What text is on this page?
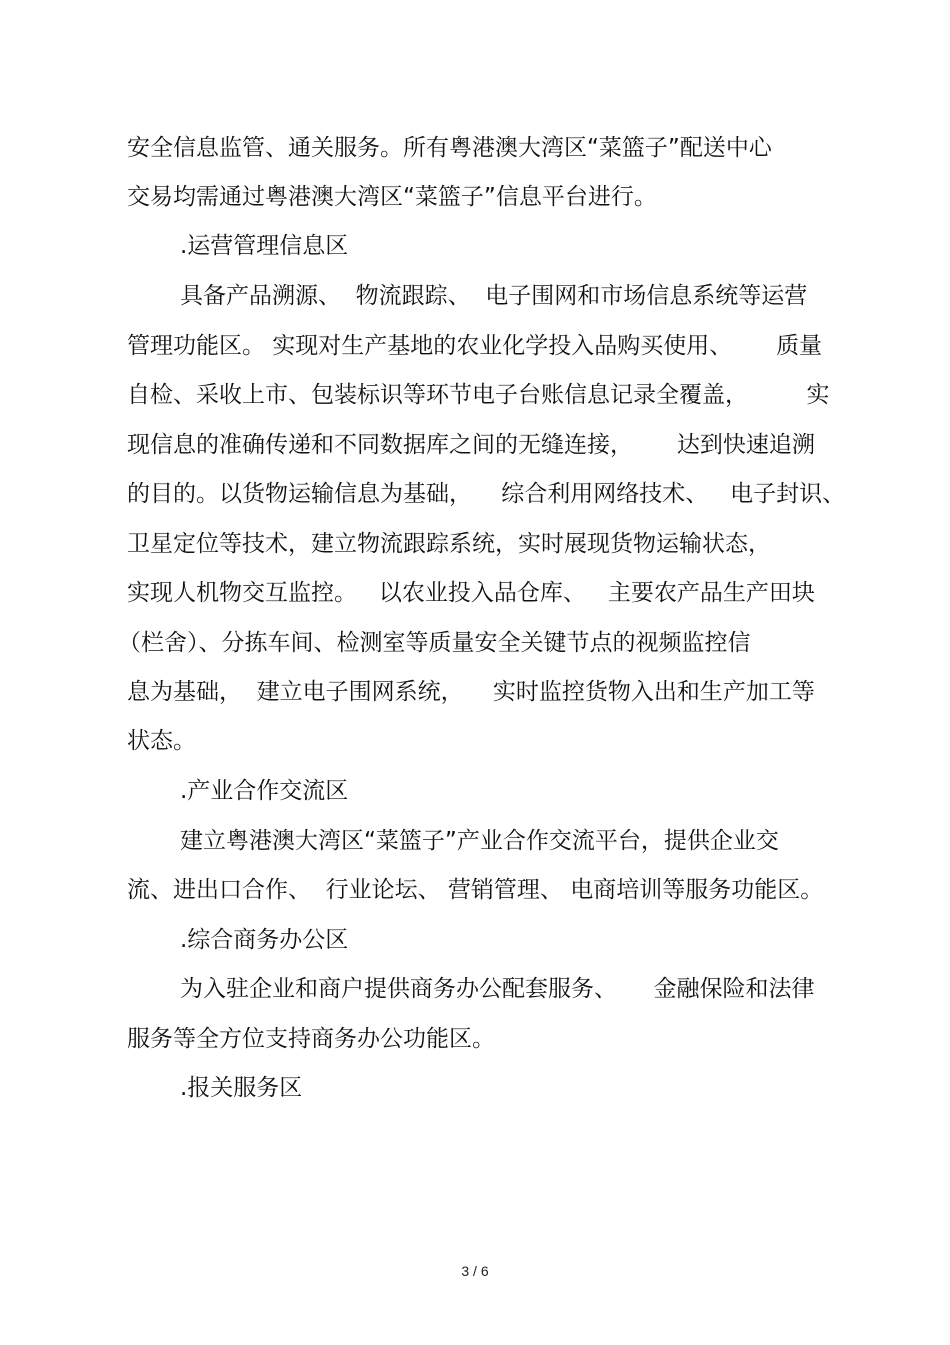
安全信息监管、通关服务。所有粤港澳大湾区“菜篮子”配送中心
交易均需通过粤港澳大湾区“菜篮子”信息平台进行。
.运营管理信息区
具备产品溯源、  物流跟踪、  电子围网和市场信息系统等运营
管理功能区。 实现对生产基地的农业化学投入品购买使用、      质量
自检、采收上市、包装标识等环节电子台账信息记录全覆盖，        实
现信息的准确传递和不同数据库之间的无缝连接，      达到快速追溯
的目的。以货物运输信息为基础，    综合利用网络技术、   电子封识、
卫星定位等技术，建立物流跟踪系统，实时展现货物运输状态，
实现人机物交互监控。   以农业投入品仓库、   主要农产品生产田块
（栏舍）、分拣车间、检测室等质量安全关键节点的视频监控信
息为基础，  建立电子围网系统，    实时监控货物入出和生产加工等
状态。
.产业合作交流区
建立粤港澳大湾区“菜篮子”产业合作交流平台，提供企业交
流、进出口合作、  行业论坛、 营销管理、 电商培训等服务功能区。
.综合商务办公区
为入驻企业和商户提供商务办公配套服务、     金融保险和法律
服务等全方位支持商务办公功能区。
.报关服务区
3 / 6
